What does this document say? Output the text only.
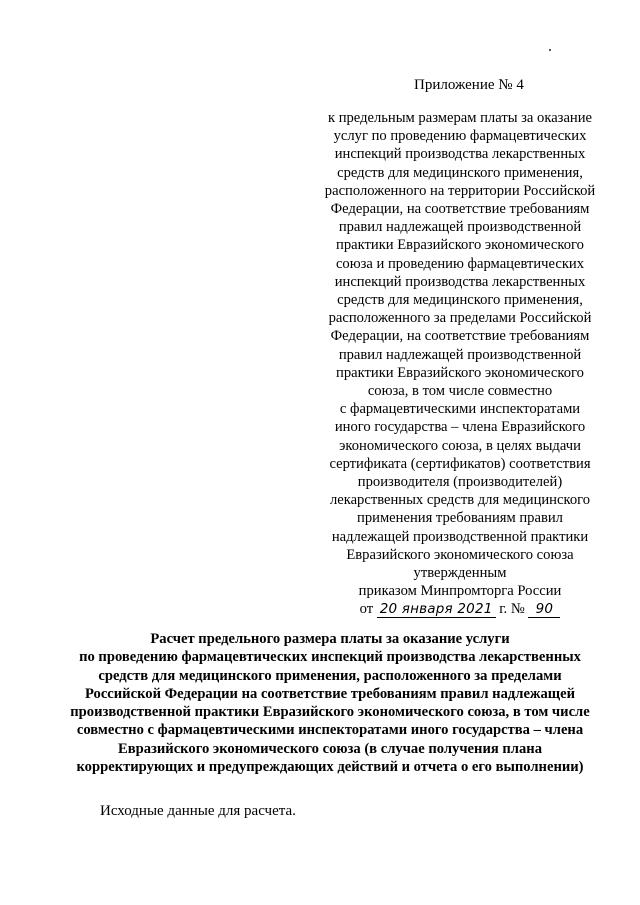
Приложение № 4
к предельным размерам платы за оказание
услуг по проведению фармацевтических
инспекций производства лекарственных
средств для медицинского применения,
расположенного на территории Российской
Федерации, на соответствие требованиям
правил надлежащей производственной
практики Евразийского экономического
союза и проведению фармацевтических
инспекций производства лекарственных
средств для медицинского применения,
расположенного за пределами Российской
Федерации, на соответствие требованиям
правил надлежащей производственной
практики Евразийского экономического
союза, в том числе совместно
с фармацевтическими инспекторатами
иного государства – члена Евразийского
экономического союза, в целях выдачи
сертификата (сертификатов) соответствия
производителя (производителей)
лекарственных средств для медицинского
применения требованиям правил
надлежащей производственной практики
Евразийского экономического союза
утвержденным
приказом Минпромторга России
от 20 января 2021 г. № 90
Расчет предельного размера платы за оказание услуги
по проведению фармацевтических инспекций производства лекарственных
средств для медицинского применения, расположенного за пределами
Российской Федерации на соответствие требованиям правил надлежащей
производственной практики Евразийского экономического союза, в том числе
совместно с фармацевтическими инспекторатами иного государства – члена
Евразийского экономического союза (в случае получения плана
корректирующих и предупреждающих действий и отчета о его выполнении)
Исходные данные для расчета.
